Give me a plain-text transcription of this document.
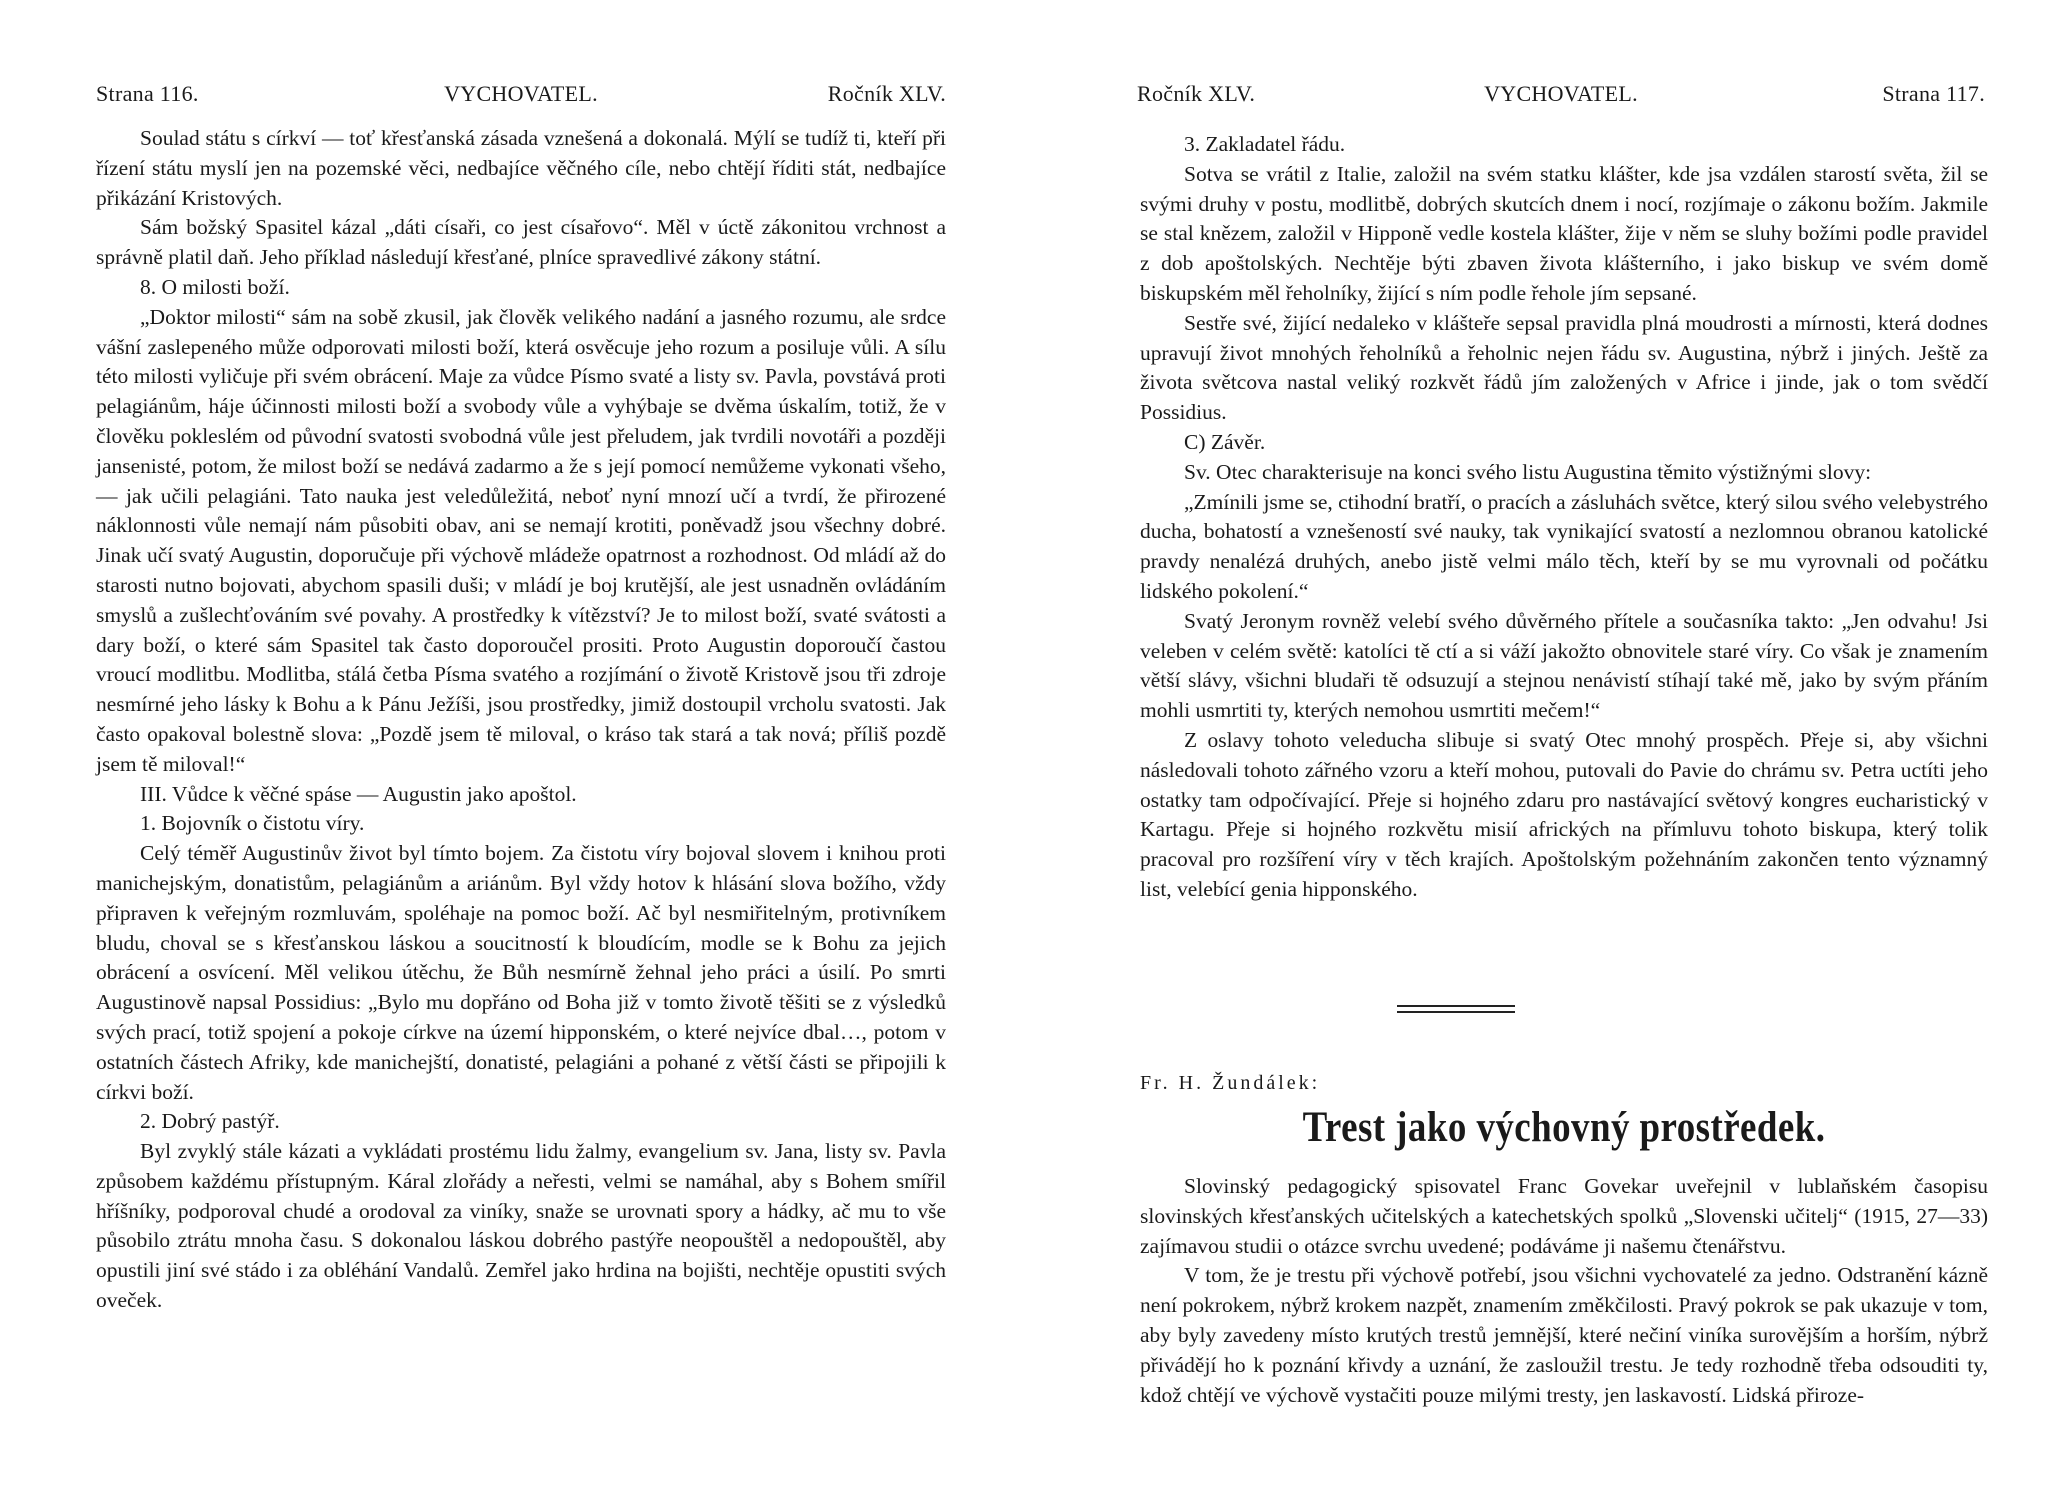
Strana 116.	VYCHOVATEL.	Ročník XLV.

Soulad státu s církví — toť křesťanská zásada vznešená a dokonalá. Mýlí se tudíž ti, kteří při řízení státu myslí jen na pozemské věci, nedbajíce věčného cíle, nebo chtějí říditi stát, nedbajíce přikázání Kristových.

Sám božský Spasitel kázal „dáti císaři, co jest císařovo“. Měl v úctě zákonitou vrchnost a správně platil daň. Jeho příklad následují křesťané, plníce spravedlivé zákony státní.

8. O milosti boží.

„Doktor milosti“ sám na sobě zkusil, jak člověk velikého nadání a jasného rozumu, ale srdce vášní zaslepeného může odporovati milosti boží, která osvěcuje jeho rozum a posiluje vůli. A sílu této milosti vyličuje při svém obrácení. Maje za vůdce Písmo svaté a listy sv. Pavla, povstává proti pelagiánům, háje účinnosti milosti boží a svobody vůle a vyhýbaje se dvěma úskalím, totiž, že v člověku pokleslém od původní svatosti svobodná vůle jest přeludem, jak tvrdili novotáři a později jansenisté, potom, že milost boží se nedává zadarmo a že s její pomocí nemůžeme vykonati všeho, — jak učili pelagiáni. Tato nauka jest veledůležitá, neboť nyní mnozí učí a tvrdí, že přirozené náklonnosti vůle nemají nám působiti obav, ani se nemají krotiti, poněvadž jsou všechny dobré. Jinak učí svatý Augustin, doporučuje při výchově mládeže opatrnost a rozhodnost. Od mládí až do starosti nutno bojovati, abychom spasili duši; v mládí je boj krutější, ale jest usnadněn ovládáním smyslů a zušlechťováním své povahy. A prostředky k vítězství? Je to milost boží, svaté svátosti a dary boží, o které sám Spasitel tak často doporoučel prositi. Proto Augustin doporoučí častou vroucí modlitbu. Modlitba, stálá četba Písma svatého a rozjímání o životě Kristově jsou tři zdroje nesmírné jeho lásky k Bohu a k Pánu Ježíši, jsou prostředky, jimiž dostoupil vrcholu svatosti. Jak často opakoval bolestně slova: „Pozdě jsem tě miloval, o kráso tak stará a tak nová; příliš pozdě jsem tě miloval!“

III. Vůdce k věčné spáse — Augustin jako apoštol.

1. Bojovník o čistotu víry.

Celý téměř Augustinův život byl tímto bojem. Za čistotu víry bojoval slovem i knihou proti manichejským, donatistům, pelagiánům a ariánům. Byl vždy hotov k hlásání slova božího, vždy připraven k veřejným rozmluvám, spoléhaje na pomoc boží. Ač byl nesmiřitelným, protivníkem bludu, choval se s křesťanskou láskou a soucitností k bloudícím, modle se k Bohu za jejich obrácení a osvícení. Měl velikou útěchu, že Bůh nesmírně žehnal jeho práci a úsilí. Po smrti Augustinově napsal Possidius: „Bylo mu dopřáno od Boha již v tomto životě těšiti se z výsledků svých prací, totiž spojení a pokoje církve na území hipponském, o které nejvíce dbal…, potom v ostatních částech Afriky, kde manichejští, donatisté, pelagiáni a pohané z větší části se připojili k církvi boží.

2. Dobrý pastýř.

Byl zvyklý stále kázati a vykládati prostému lidu žalmy, evangelium sv. Jana, listy sv. Pavla způsobem každému přístupným. Káral zlořády a neřesti, velmi se namáhal, aby s Bohem smířil hříšníky, podporoval chudé a orodoval za viníky, snaže se urovnati spory a hádky, ač mu to vše působilo ztrátu mnoha času. S dokonalou láskou dobrého pastýře neopouštěl a nedopouštěl, aby opustili jiní své stádo i za obléhání Vandalů. Zemřel jako hrdina na bojišti, nechtěje opustiti svých oveček.

Ročník XLV.	VYCHOVATEL.	Strana 117.

3. Zakladatel řádu.

Sotva se vrátil z Italie, založil na svém statku klášter, kde jsa vzdálen starostí světa, žil se svými druhy v postu, modlitbě, dobrých skutcích dnem i nocí, rozjímaje o zákonu božím. Jakmile se stal knězem, založil v Hipponě vedle kostela klášter, žije v něm se sluhy božími podle pravidel z dob apoštolských. Nechtěje býti zbaven života klášterního, i jako biskup ve svém domě biskupském měl řeholníky, žijící s ním podle řehole jím sepsané.

Sestře své, žijící nedaleko v klášteře sepsal pravidla plná moudrosti a mírnosti, která dodnes upravují život mnohých řeholníků a řeholnic nejen řádu sv. Augustina, nýbrž i jiných. Ještě za života světcova nastal veliký rozkvět řádů jím založených v Africe i jinde, jak o tom svědčí Possidius.

C) Závěr.

Sv. Otec charakterisuje na konci svého listu Augustina těmito výstižnými slovy:

„Zmínili jsme se, ctihodní bratří, o pracích a zásluhách světce, který silou svého velebystrého ducha, bohatostí a vznešeností své nauky, tak vynikající svatostí a nezlomnou obranou katolické pravdy nenalézá druhých, anebo jistě velmi málo těch, kteří by se mu vyrovnali od počátku lidského pokolení.“

Svatý Jeronym rovněž velebí svého důvěrného přítele a současníka takto: „Jen odvahu! Jsi veleben v celém světě: katolíci tě ctí a si váží jakožto obnovitele staré víry. Co však je znamením větší slávy, všichni bludaři tě odsuzují a stejnou nenávistí stíhají také mě, jako by svým přáním mohli usmrtiti ty, kterých nemohou usmrtiti mečem!“

Z oslavy tohoto veleducha slibuje si svatý Otec mnohý prospěch. Přeje si, aby všichni následovali tohoto zářného vzoru a kteří mohou, putovali do Pavie do chrámu sv. Petra uctíti jeho ostatky tam odpočívající. Přeje si hojného zdaru pro nastávající světový kongres eucharistický v Kartagu. Přeje si hojného rozkvětu misií afrických na přímluvu tohoto biskupa, který tolik pracoval pro rozšíření víry v těch krajích. Apoštolským požehnáním zakončen tento významný list, velebící genia hipponského.

Fr. H. Žundálek:
Trest jako výchovný prostředek.

Slovinský pedagogický spisovatel Franc Govekar uveřejnil v lublaňském časopisu slovinských křesťanských učitelských a katechetských spolků „Slovenski učitelj“ (1915, 27—33) zajímavou studii o otázce svrchu uvedené; podáváme ji našemu čtenářstvu.

V tom, že je trestu při výchově potřebí, jsou všichni vychovatelé za jedno. Odstranění kázně není pokrokem, nýbrž krokem nazpět, znamením změkčilosti. Pravý pokrok se pak ukazuje v tom, aby byly zavedeny místo krutých trestů jemnější, které nečiní viníka surovějším a horším, nýbrž přivádějí ho k poznání křivdy a uznání, že zasloužil trestu. Je tedy rozhodně třeba odsouditi ty, kdož chtějí ve výchově vystačiti pouze milými tresty, jen laskavostí. Lidská přiroze-
